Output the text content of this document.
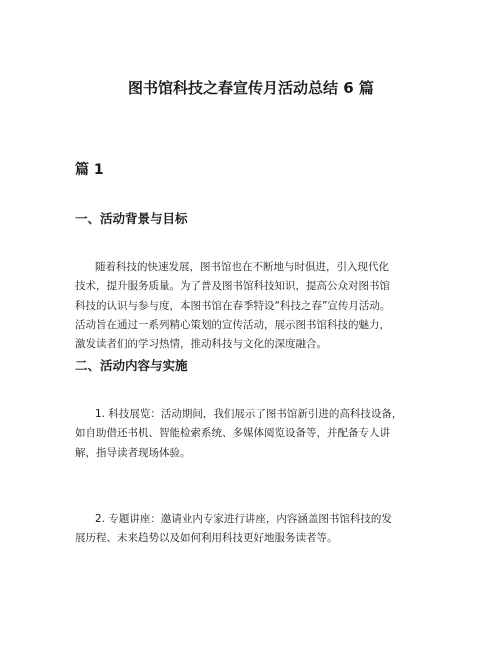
图书馆科技之春宣传月活动总结 6 篇
篇 1
一、活动背景与目标

随着科技的快速发展，图书馆也在不断地与时俱进，引入现代化
技术，提升服务质量。为了普及图书馆科技知识，提高公众对图书馆
科技的认识与参与度，本图书馆在春季特设“科技之春”宣传月活动。
活动旨在通过一系列精心策划的宣传活动，展示图书馆科技的魅力，
激发读者们的学习热情，推动科技与文化的深度融合。

二、活动内容与实施

1. 科技展览：活动期间，我们展示了图书馆新引进的高科技设备，
如自助借还书机、智能检索系统、多媒体阅览设备等，并配备专人讲
解，指导读者现场体验。

2. 专题讲座：邀请业内专家进行讲座，内容涵盖图书馆科技的发
展历程、未来趋势以及如何利用科技更好地服务读者等。
